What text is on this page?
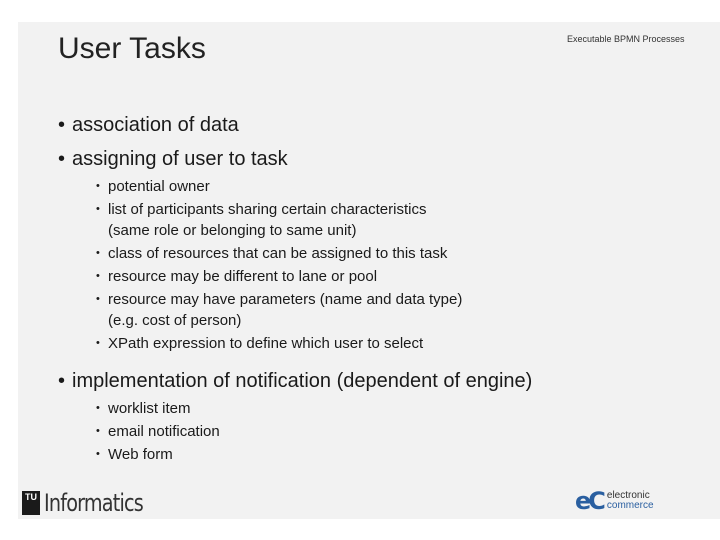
User Tasks	Executable BPMN Processes
• association of data
• assigning of user to task
• potential owner
• list of participants sharing certain characteristics
(same role or belonging to same unit)
• class of resources that can be assigned to this task
• resource may be different to lane or pool
• resource may have parameters (name and data type)
(e.g. cost of person)
• XPath expression to define which user to select
• implementation of notification (dependent of engine)
• worklist item
• email notification
• Web form
TU Informatics	eC electronic
commerce
